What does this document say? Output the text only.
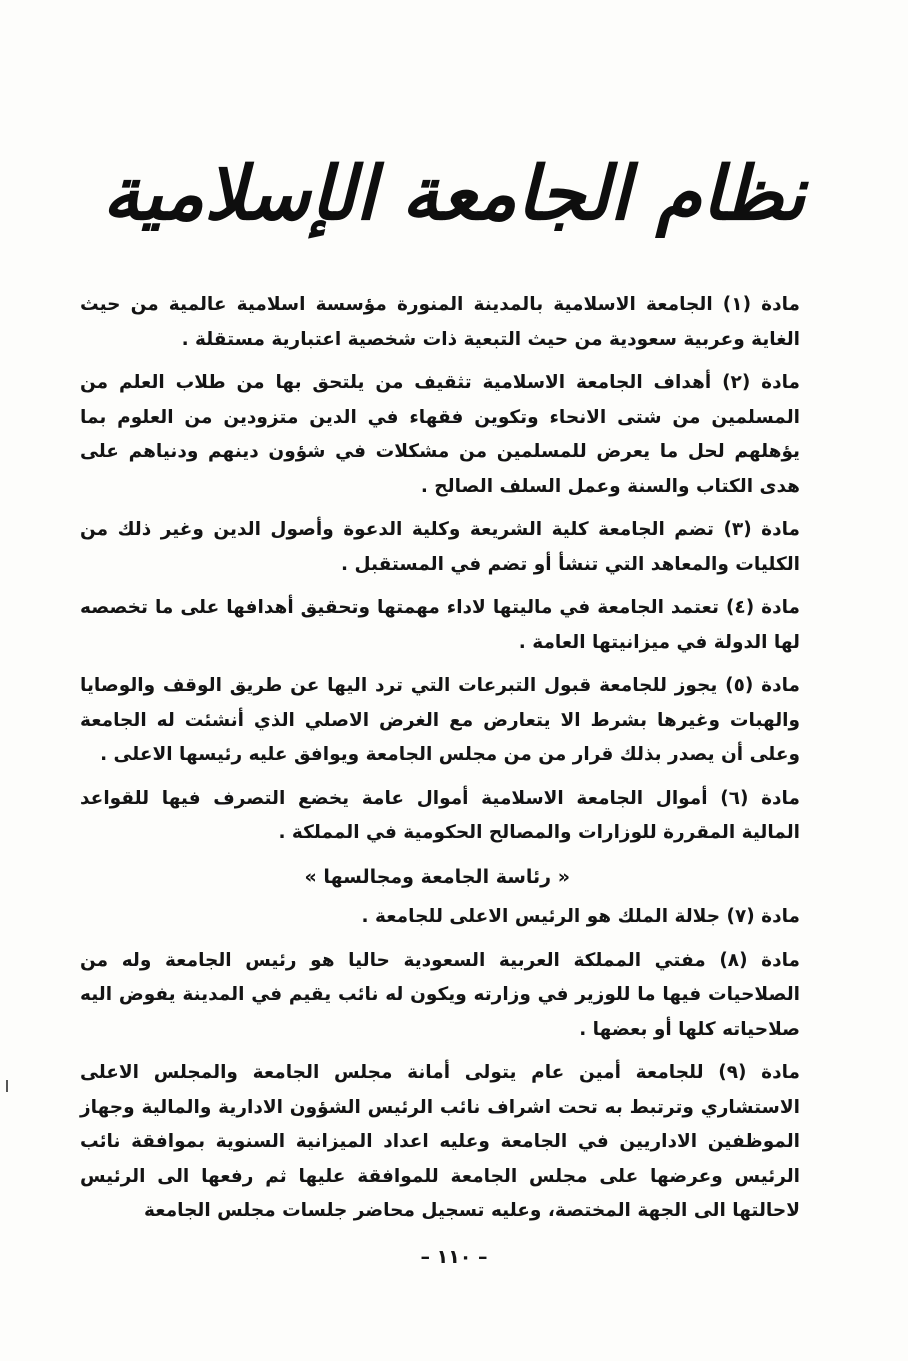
نظام الجامعة الإسلامية

مادة (١) الجامعة الاسلامية بالمدينة المنورة مؤسسة اسلامية عالمية من حيث الغاية وعربية سعودية من حيث التبعية ذات شخصية اعتبارية مستقلة .

مادة (٢) أهداف الجامعة الاسلامية تثقيف من يلتحق بها من طلاب العلم من المسلمين من شتى الانحاء وتكوين فقهاء في الدين متزودين من العلوم بما يؤهلهم لحل ما يعرض للمسلمين من مشكلات في شؤون دينهم ودنياهم على هدى الكتاب والسنة وعمل السلف الصالح .

مادة (٣) تضم الجامعة كلية الشريعة وكلية الدعوة وأصول الدين وغير ذلك من الكليات والمعاهد التي تنشأ أو تضم في المستقبل .

مادة (٤) تعتمد الجامعة في ماليتها لاداء مهمتها وتحقيق أهدافها على ما تخصصه لها الدولة في ميزانيتها العامة .

مادة (٥) يجوز للجامعة قبول التبرعات التي ترد اليها عن طريق الوقف والوصايا والهبات وغيرها بشرط الا يتعارض مع الغرض الاصلي الذي أنشئت له الجامعة وعلى أن يصدر بذلك قرار من من مجلس الجامعة ويوافق عليه رئيسها الاعلى .

مادة (٦) أموال الجامعة الاسلامية أموال عامة يخضع التصرف فيها للقواعد المالية المقررة للوزارات والمصالح الحكومية في المملكة .

« رئاسة الجامعة ومجالسها »

مادة (٧) جلالة الملك هو الرئيس الاعلى للجامعة .

مادة (٨) مفتي المملكة العربية السعودية حاليا هو رئيس الجامعة وله من الصلاحيات فيها ما للوزير في وزارته ويكون له نائب يقيم في المدينة يفوض اليه صلاحياته كلها أو بعضها .

مادة (٩) للجامعة أمين عام يتولى أمانة مجلس الجامعة والمجلس الاعلى الاستشاري وترتبط به تحت اشراف نائب الرئيس الشؤون الادارية والمالية وجهاز الموظفين الاداريين في الجامعة وعليه اعداد الميزانية السنوية بموافقة نائب الرئيس وعرضها على مجلس الجامعة للموافقة عليها ثم رفعها الى الرئيس لاحالتها الى الجهة المختصة، وعليه تسجيل محاضر جلسات مجلس الجامعة

– ١١٠ –
